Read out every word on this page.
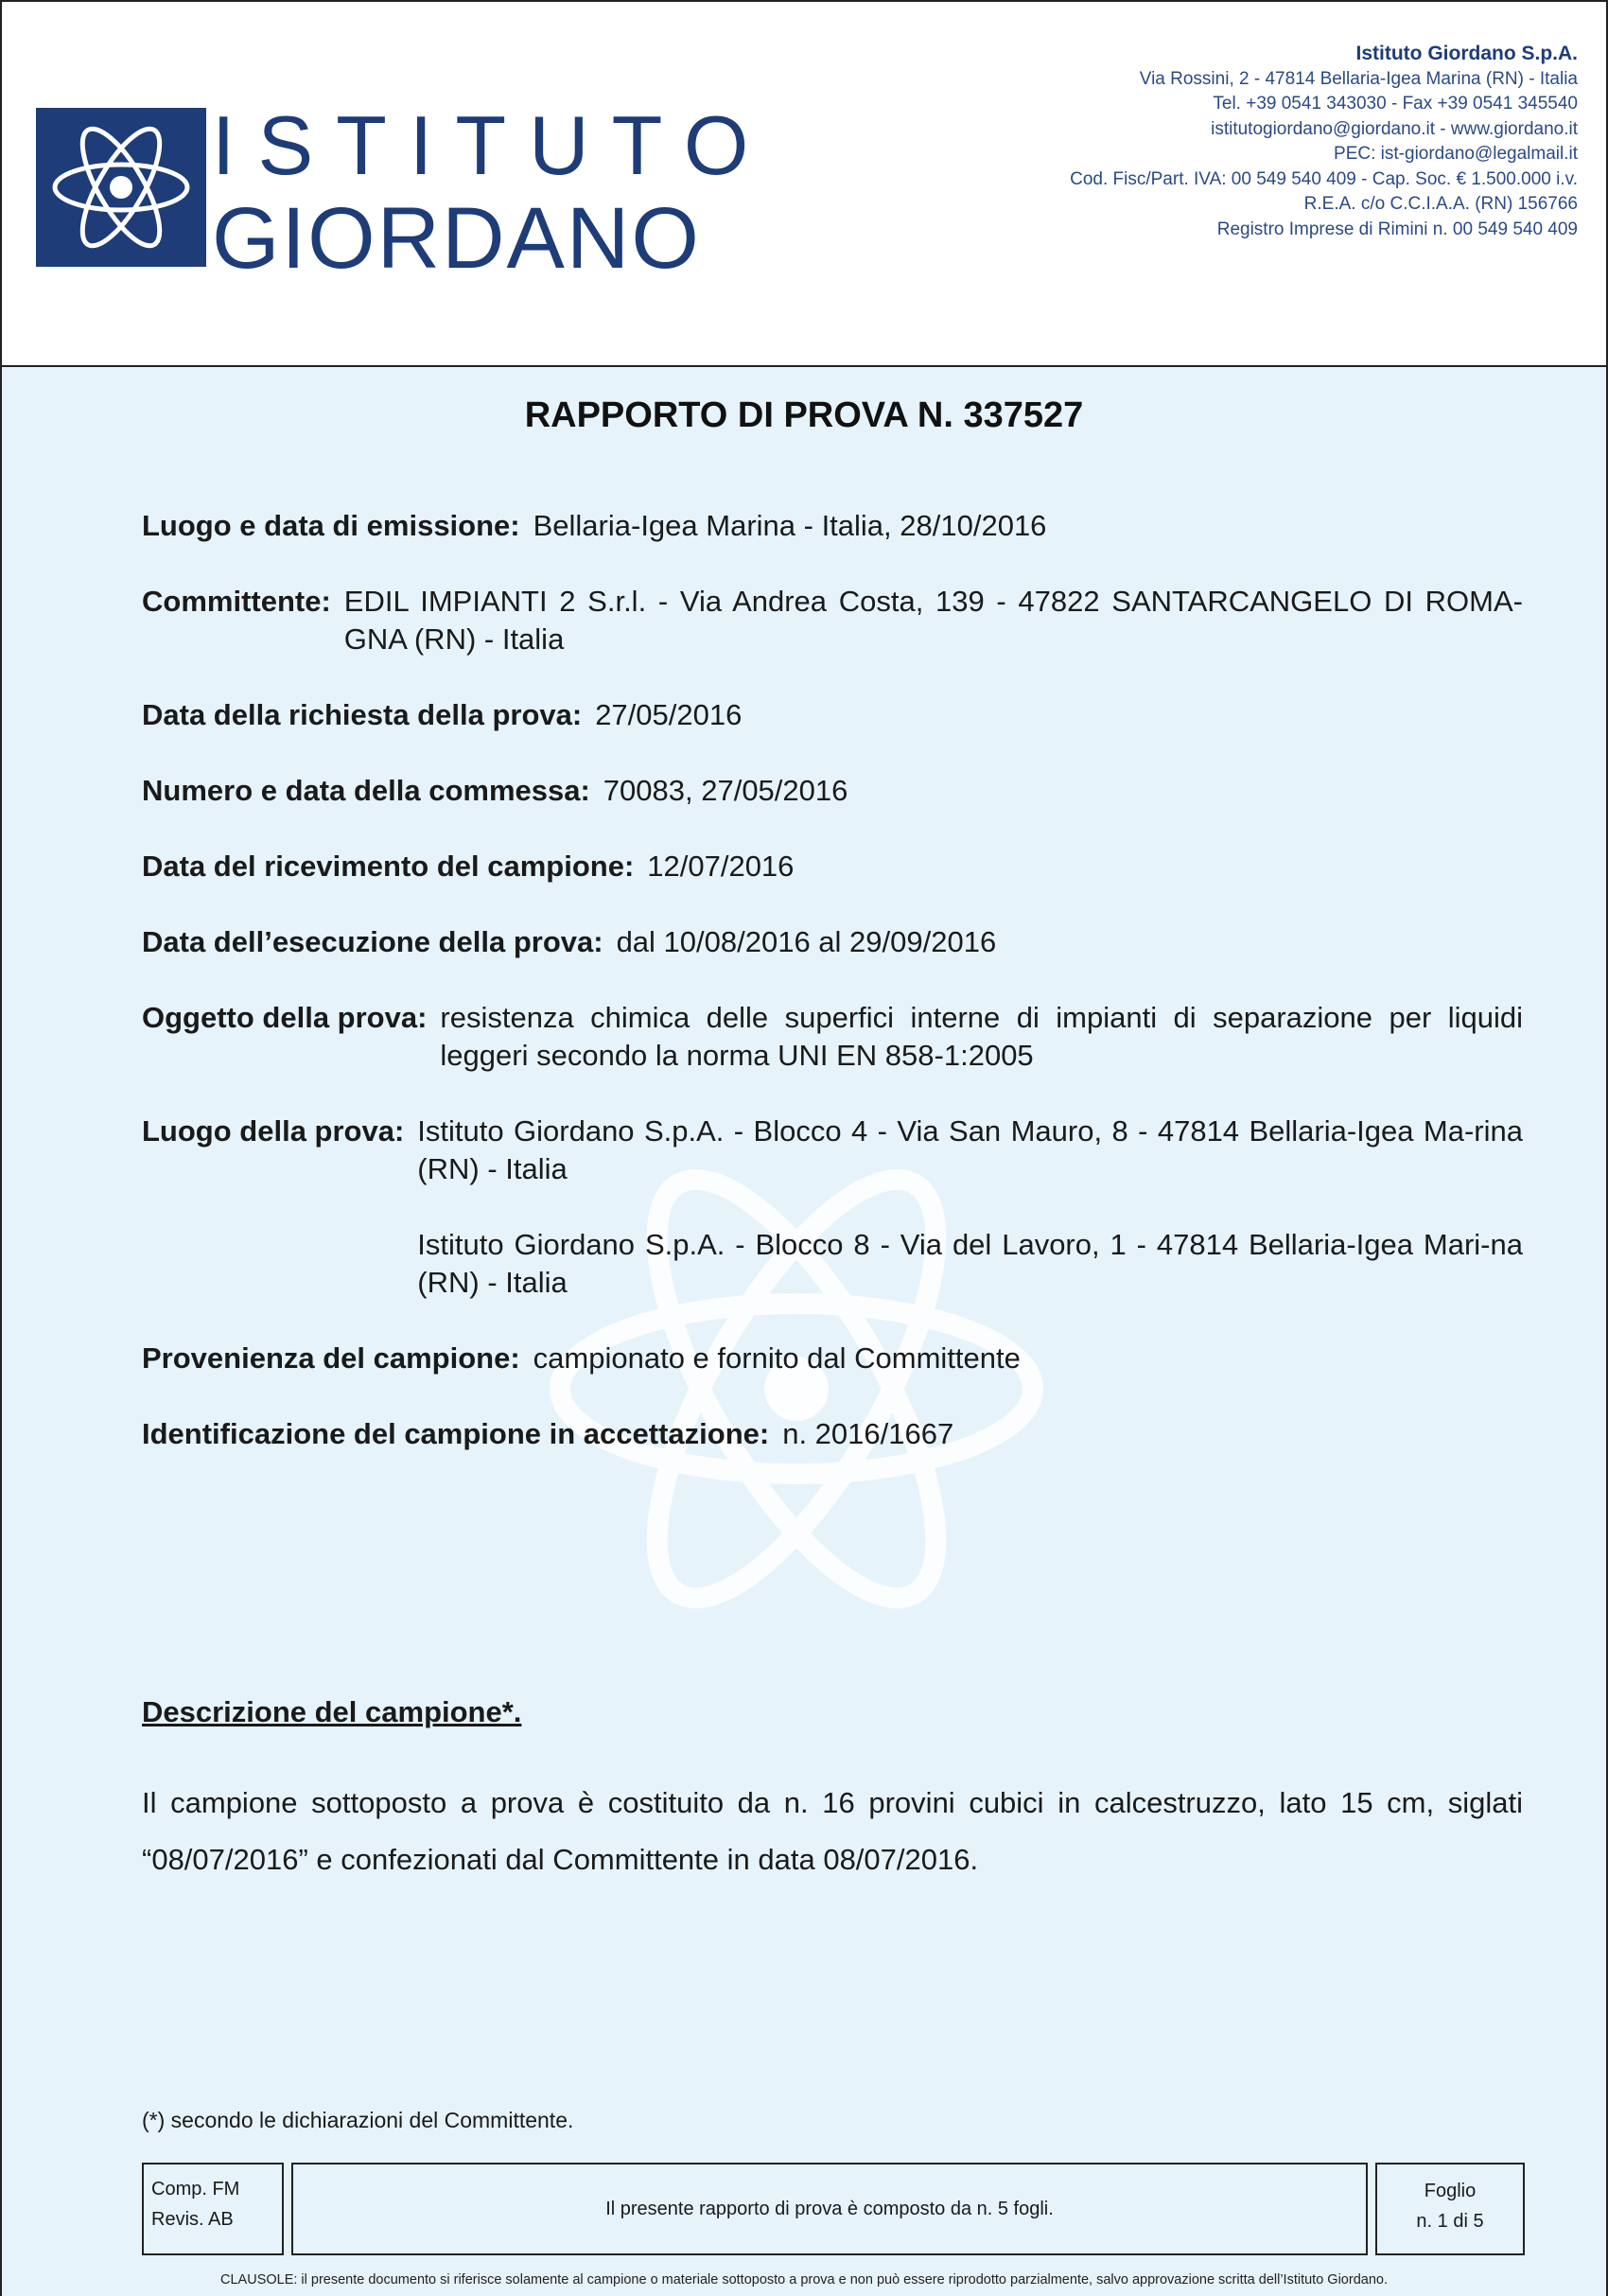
ISTITUTO
GIORDANO
Istituto Giordano S.p.A.
Via Rossini, 2 - 47814 Bellaria-Igea Marina (RN) - Italia
Tel. +39 0541 343030 - Fax +39 0541 345540
istitutogiordano@giordano.it - www.giordano.it
PEC: ist-giordano@legalmail.it
Cod. Fisc/Part. IVA: 00 549 540 409 - Cap. Soc. € 1.500.000 i.v.
R.E.A. c/o C.C.I.A.A. (RN) 156766
Registro Imprese di Rimini n. 00 549 540 409
RAPPORTO DI PROVA N. 337527
Luogo e data di emissione: Bellaria-Igea Marina - Italia, 28/10/2016
Committente: EDIL IMPIANTI 2 S.r.l. - Via Andrea Costa, 139 - 47822 SANTARCANGELO DI ROMA-GNA (RN) - Italia
Data della richiesta della prova: 27/05/2016
Numero e data della commessa: 70083, 27/05/2016
Data del ricevimento del campione: 12/07/2016
Data dell’esecuzione della prova: dal 10/08/2016 al 29/09/2016
Oggetto della prova: resistenza chimica delle superfici interne di impianti di separazione per liquidi leggeri secondo la norma UNI EN 858-1:2005
Luogo della prova: Istituto Giordano S.p.A. - Blocco 4 - Via San Mauro, 8 - 47814 Bellaria-Igea Ma-rina (RN) - Italia
Istituto Giordano S.p.A. - Blocco 8 - Via del Lavoro, 1 - 47814 Bellaria-Igea Mari-na (RN) - Italia
Provenienza del campione: campionato e fornito dal Committente
Identificazione del campione in accettazione: n. 2016/1667
Descrizione del campione*.
Il campione sottoposto a prova è costituito da n. 16 provini cubici in calcestruzzo, lato 15 cm, siglati “08/07/2016” e confezionati dal Committente in data 08/07/2016.
(*) secondo le dichiarazioni del Committente.
Comp. FM
Revis. AB	Il presente rapporto di prova è composto da n. 5 fogli.
Foglio
n. 1 di 5
CLAUSOLE: il presente documento si riferisce solamente al campione o materiale sottoposto a prova e non può essere riprodotto parzialmente, salvo approvazione scritta dell’Istituto Giordano.
